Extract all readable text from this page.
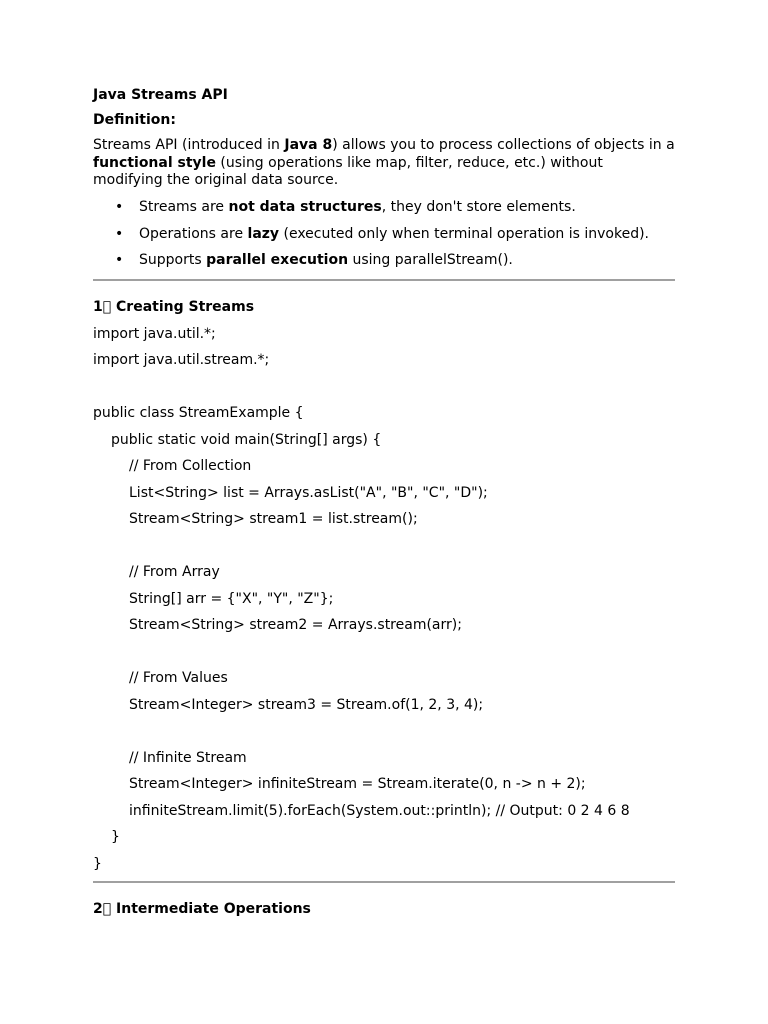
Java Streams API

Definition:

Streams API (introduced in Java 8) allows you to process collections of objects in a functional style (using operations like map, filter, reduce, etc.) without modifying the original data source.

• Streams are not data structures, they don't store elements.
• Operations are lazy (executed only when terminal operation is invoked).
• Supports parallel execution using parallelStream().

1⃣ Creating Streams

import java.util.*;
import java.util.stream.*;
public class StreamExample {
public static void main(String[] args) {
// From Collection
List<String> list = Arrays.asList("A", "B", "C", "D");
Stream<String> stream1 = list.stream();
// From Array
String[] arr = {"X", "Y", "Z"};
Stream<String> stream2 = Arrays.stream(arr);
// From Values
Stream<Integer> stream3 = Stream.of(1, 2, 3, 4);
// Infinite Stream
Stream<Integer> infiniteStream = Stream.iterate(0, n -> n + 2);
infiniteStream.limit(5).forEach(System.out::println); // Output: 0 2 4 6 8
}
}

2⃣ Intermediate Operations
